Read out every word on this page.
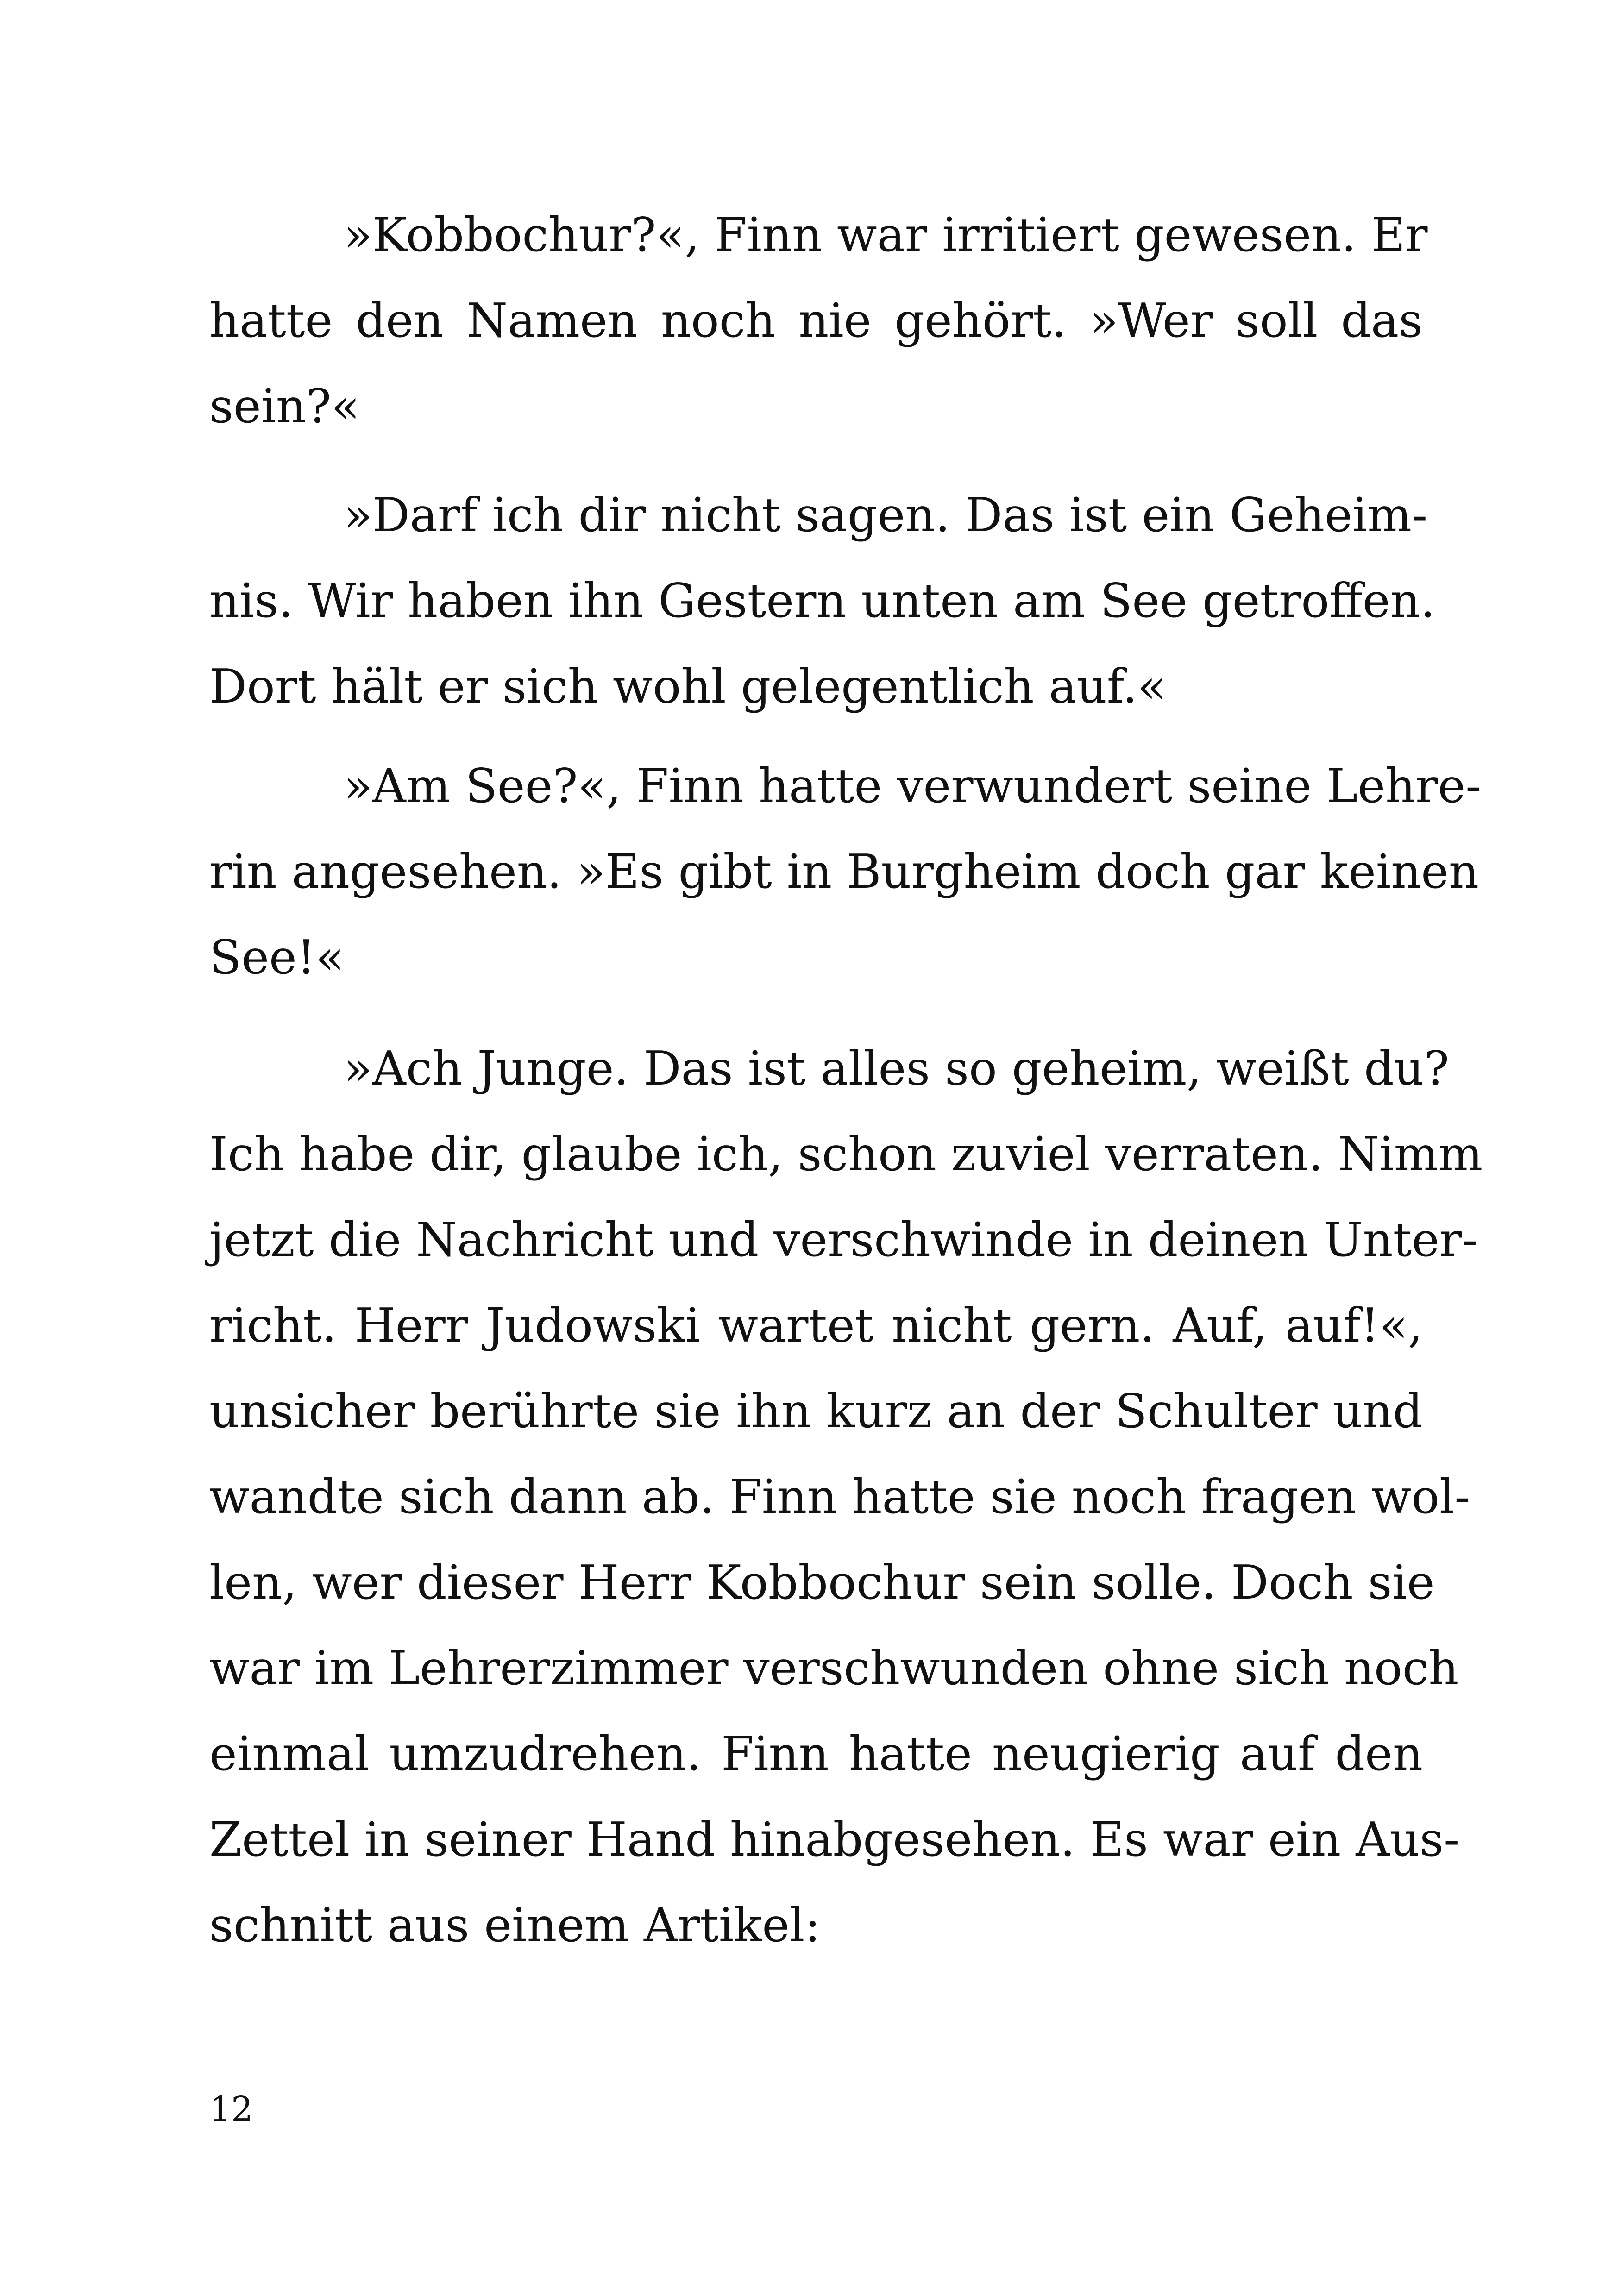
»Kobbochur?«, Finn war irritiert gewesen. Er
hatte den Namen noch nie gehört. »Wer soll das
sein?«
»Darf ich dir nicht sagen. Das ist ein Geheim-
nis. Wir haben ihn Gestern unten am See getroffen.
Dort hält er sich wohl gelegentlich auf.«
»Am See?«, Finn hatte verwundert seine Lehre-
rin angesehen. »Es gibt in Burgheim doch gar keinen
See!«
»Ach Junge. Das ist alles so geheim, weißt du?
Ich habe dir, glaube ich, schon zuviel verraten. Nimm
jetzt die Nachricht und verschwinde in deinen Unter-
richt. Herr Judowski wartet nicht gern. Auf, auf!«,
unsicher berührte sie ihn kurz an der Schulter und
wandte sich dann ab. Finn hatte sie noch fragen wol-
len, wer dieser Herr Kobbochur sein solle. Doch sie
war im Lehrerzimmer verschwunden ohne sich noch
einmal umzudrehen. Finn hatte neugierig auf den
Zettel in seiner Hand hinabgesehen. Es war ein Aus-
schnitt aus einem Artikel:
12
